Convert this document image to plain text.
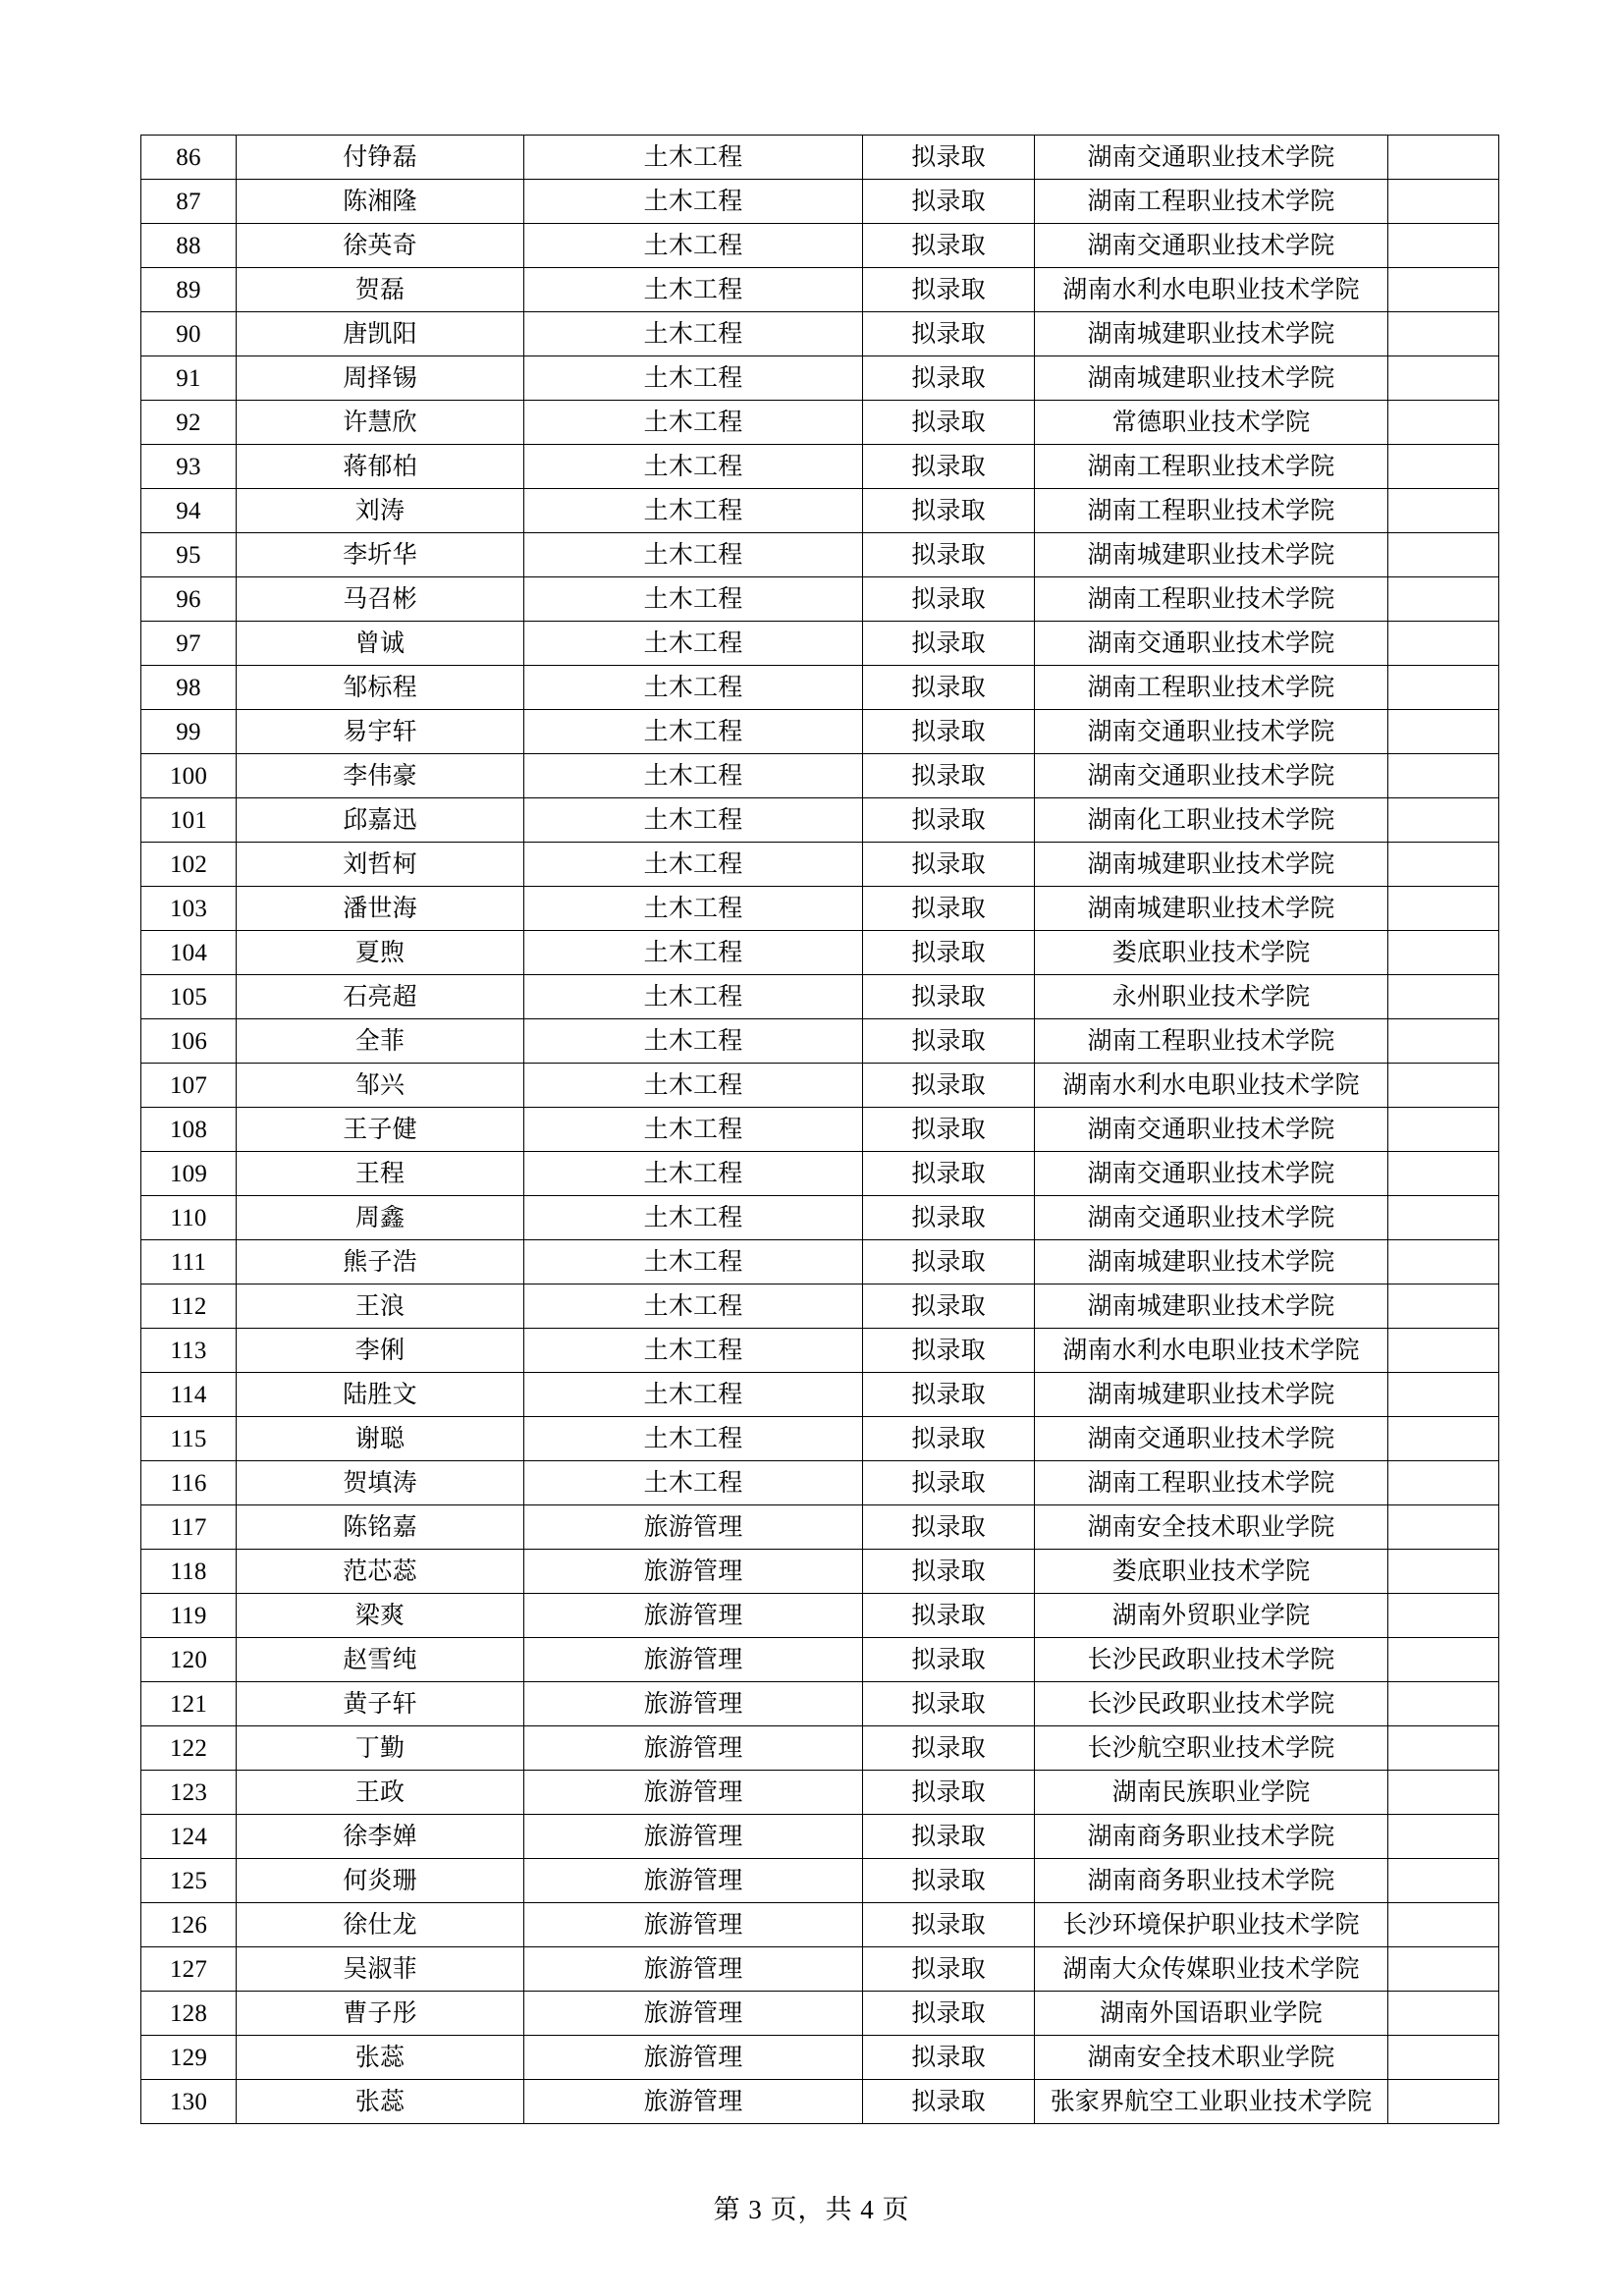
86	付铮磊	土木工程	拟录取	湖南交通职业技术学院	
87	陈湘隆	土木工程	拟录取	湖南工程职业技术学院	
88	徐英奇	土木工程	拟录取	湖南交通职业技术学院	
89	贺磊	土木工程	拟录取	湖南水利水电职业技术学院	
90	唐凯阳	土木工程	拟录取	湖南城建职业技术学院	
91	周择锡	土木工程	拟录取	湖南城建职业技术学院	
92	许慧欣	土木工程	拟录取	常德职业技术学院	
93	蒋郁柏	土木工程	拟录取	湖南工程职业技术学院	
94	刘涛	土木工程	拟录取	湖南工程职业技术学院	
95	李圻华	土木工程	拟录取	湖南城建职业技术学院	
96	马召彬	土木工程	拟录取	湖南工程职业技术学院	
97	曾诚	土木工程	拟录取	湖南交通职业技术学院	
98	邹标程	土木工程	拟录取	湖南工程职业技术学院	
99	易宇轩	土木工程	拟录取	湖南交通职业技术学院	
100	李伟豪	土木工程	拟录取	湖南交通职业技术学院	
101	邱嘉迅	土木工程	拟录取	湖南化工职业技术学院	
102	刘哲柯	土木工程	拟录取	湖南城建职业技术学院	
103	潘世海	土木工程	拟录取	湖南城建职业技术学院	
104	夏煦	土木工程	拟录取	娄底职业技术学院	
105	石亮超	土木工程	拟录取	永州职业技术学院	
106	全菲	土木工程	拟录取	湖南工程职业技术学院	
107	邹兴	土木工程	拟录取	湖南水利水电职业技术学院	
108	王子健	土木工程	拟录取	湖南交通职业技术学院	
109	王程	土木工程	拟录取	湖南交通职业技术学院	
110	周鑫	土木工程	拟录取	湖南交通职业技术学院	
111	熊子浩	土木工程	拟录取	湖南城建职业技术学院	
112	王浪	土木工程	拟录取	湖南城建职业技术学院	
113	李俐	土木工程	拟录取	湖南水利水电职业技术学院	
114	陆胜文	土木工程	拟录取	湖南城建职业技术学院	
115	谢聪	土木工程	拟录取	湖南交通职业技术学院	
116	贺填涛	土木工程	拟录取	湖南工程职业技术学院	
117	陈铭嘉	旅游管理	拟录取	湖南安全技术职业学院	
118	范芯蕊	旅游管理	拟录取	娄底职业技术学院	
119	梁爽	旅游管理	拟录取	湖南外贸职业学院	
120	赵雪纯	旅游管理	拟录取	长沙民政职业技术学院	
121	黄子轩	旅游管理	拟录取	长沙民政职业技术学院	
122	丁勤	旅游管理	拟录取	长沙航空职业技术学院	
123	王政	旅游管理	拟录取	湖南民族职业学院	
124	徐李婵	旅游管理	拟录取	湖南商务职业技术学院	
125	何炎珊	旅游管理	拟录取	湖南商务职业技术学院	
126	徐仕龙	旅游管理	拟录取	长沙环境保护职业技术学院	
127	吴淑菲	旅游管理	拟录取	湖南大众传媒职业技术学院	
128	曹子彤	旅游管理	拟录取	湖南外国语职业学院	
129	张蕊	旅游管理	拟录取	湖南安全技术职业学院	
130	张蕊	旅游管理	拟录取	张家界航空工业职业技术学院	
第 3 页，共 4 页
